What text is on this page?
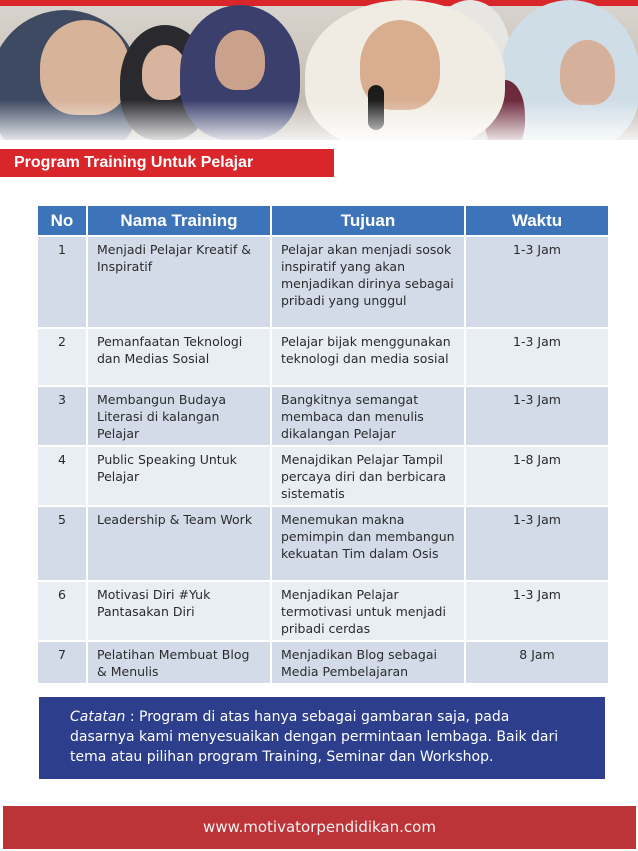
Program Training Untuk Pelajar
No	Nama Training	Tujuan	Waktu
1	Menjadi Pelajar Kreatif & Inspiratif	Pelajar akan menjadi sosok inspiratif yang akan menjadikan dirinya sebagai pribadi yang unggul	1-3 Jam
2	Pemanfaatan Teknologi dan Medias Sosial	Pelajar bijak menggunakan teknologi dan media sosial	1-3 Jam
3	Membangun Budaya Literasi di kalangan Pelajar	Bangkitnya semangat membaca dan menulis dikalangan Pelajar	1-3 Jam
4	Public Speaking Untuk Pelajar	Menajdikan Pelajar Tampil percaya diri dan berbicara sistematis	1-8 Jam
5	Leadership & Team Work	Menemukan makna pemimpin dan membangun kekuatan Tim dalam Osis	1-3 Jam
6	Motivasi Diri #Yuk Pantasakan Diri	Menjadikan Pelajar termotivasi untuk menjadi pribadi cerdas	1-3 Jam
7	Pelatihan Membuat Blog & Menulis	Menjadikan Blog sebagai Media Pembelajaran	8 Jam
Catatan : Program di atas hanya sebagai gambaran saja, pada dasarnya kami menyesuaikan dengan permintaan lembaga. Baik dari tema atau pilihan program Training, Seminar dan Workshop.
www.motivatorpendidikan.com
